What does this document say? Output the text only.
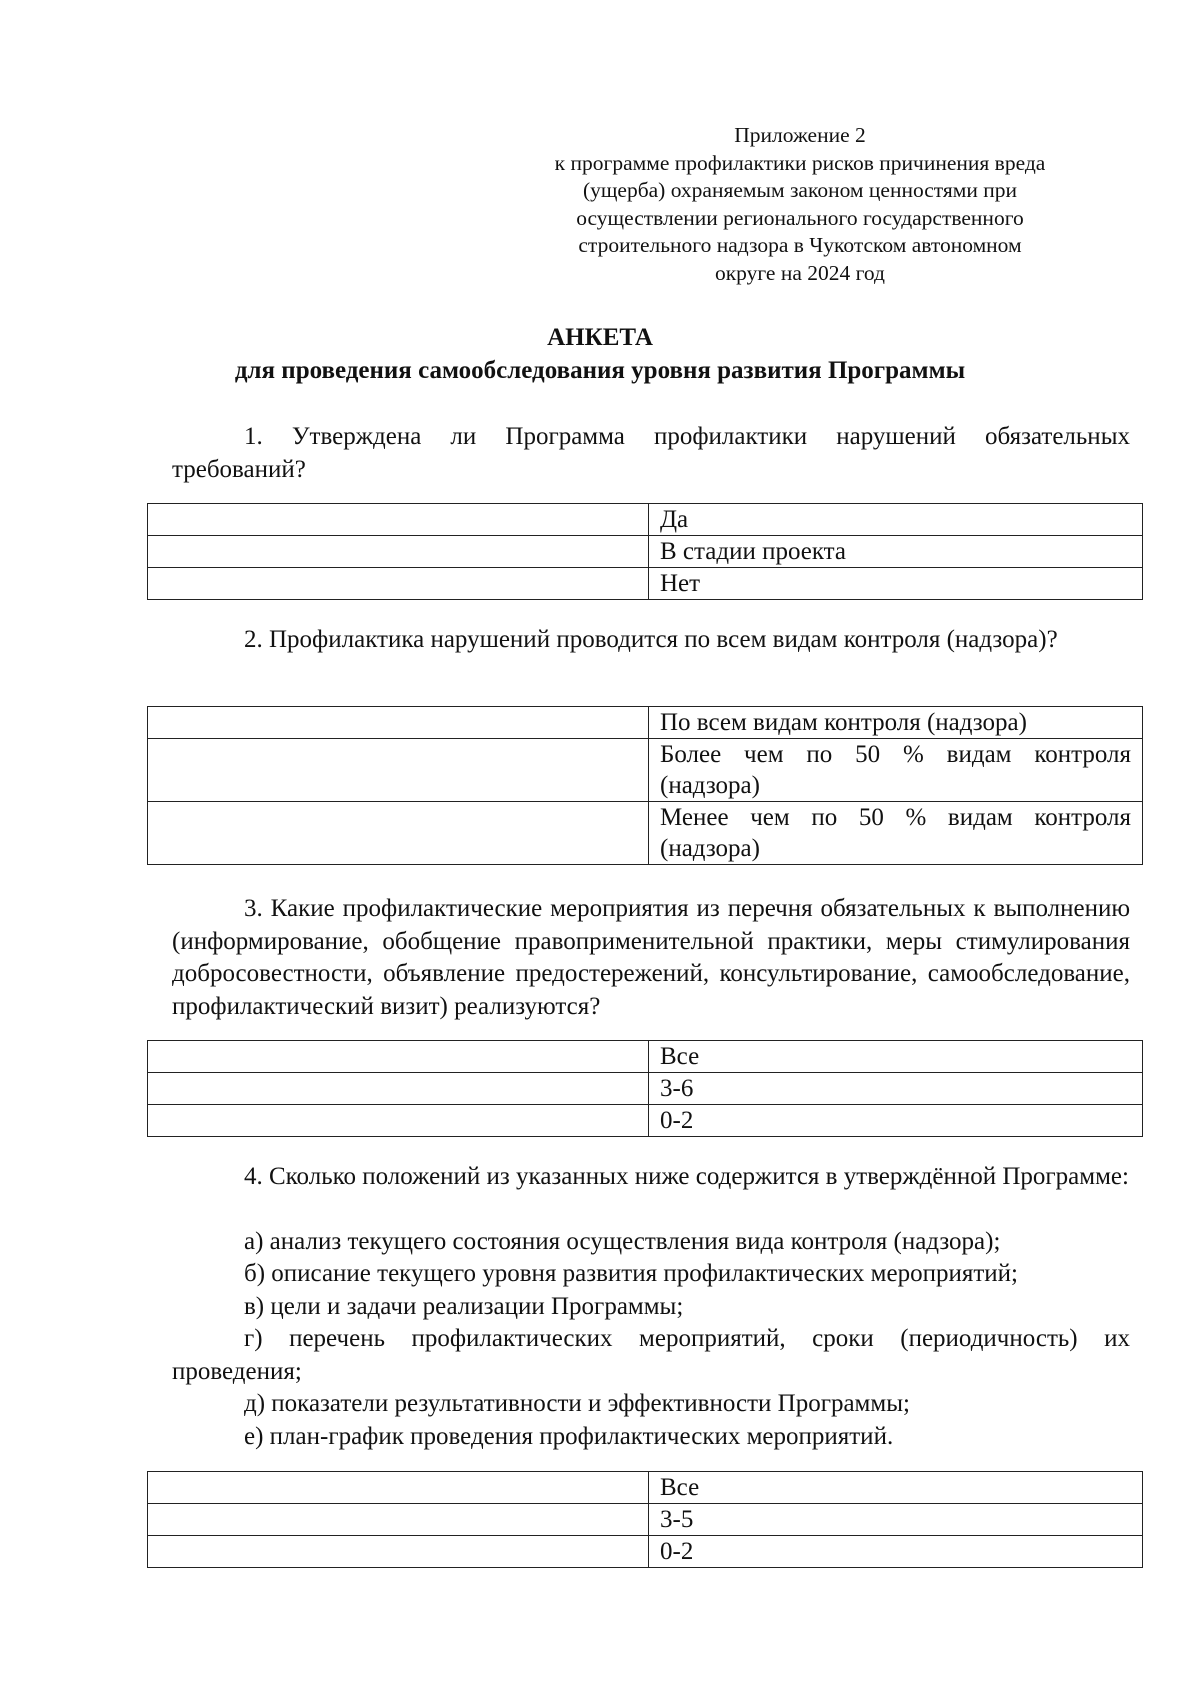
Приложение 2
к программе профилактики рисков причинения вреда
(ущерба) охраняемым законом ценностями при
осуществлении регионального государственного
строительного надзора в Чукотском автономном
округе на 2024 год
АНКЕТА
для проведения самообследования уровня развития Программы
1. Утверждена ли Программа профилактики нарушений обязательных требований?
	Да
	В стадии проекта
	Нет
2. Профилактика нарушений проводится по всем видам контроля (надзора)?
	По всем видам контроля (надзора)
	Более чем по 50 % видам контроля (надзора)
	Менее чем по 50 % видам контроля (надзора)
3. Какие профилактические мероприятия из перечня обязательных к выполнению (информирование, обобщение правоприменительной практики, меры стимулирования добросовестности, объявление предостережений, консультирование, самообследование, профилактический визит) реализуются?
	Все
	3-6
	0-2
4. Сколько положений из указанных ниже содержится в утверждённой Программе:
а) анализ текущего состояния осуществления вида контроля (надзора);
б) описание текущего уровня развития профилактических мероприятий;
в) цели и задачи реализации Программы;
г) перечень профилактических мероприятий, сроки (периодичность) их проведения;
д) показатели результативности и эффективности Программы;
е) план-график проведения профилактических мероприятий.
	Все
	3-5
	0-2
